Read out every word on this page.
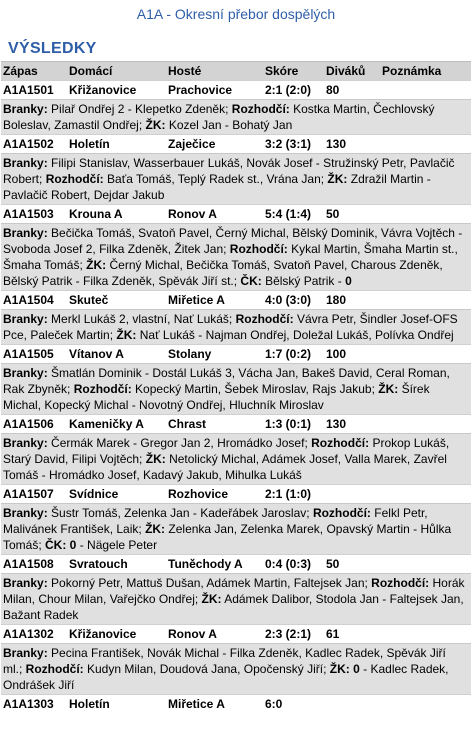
A1A - Okresní přebor dospělých
VÝSLEDKY
Zápas	Domácí	Hosté	Skóre	Diváků	Poznámka
A1A1501	Křižanovice	Prachovice	2:1 (2:0)	80
Branky: Pilař Ondřej 2 - Klepetko Zdeněk; Rozhodčí: Kostka Martin, Čechlovský Boleslav, Zamastil Ondřej; ŽK: Kozel Jan - Bohatý Jan
A1A1502	Holetín	Zaječice	3:2 (3:1)	130
Branky: Filipi Stanislav, Wasserbauer Lukáš, Novák Josef - Stružinský Petr, Pavlačič Robert; Rozhodčí: Baťa Tomáš, Teplý Radek st., Vrána Jan; ŽK: Zdražil Martin - Pavlačič Robert, Dejdar Jakub
A1A1503	Krouna A	Ronov A	5:4 (1:4)	50
Branky: Bečička Tomáš, Svatoň Pavel, Černý Michal, Bělský Dominik, Vávra Vojtěch - Svoboda Josef 2, Filka Zdeněk, Žitek Jan; Rozhodčí: Kykal Martin, Šmaha Martin st., Šmaha Tomáš; ŽK: Černý Michal, Bečička Tomáš, Svatoň Pavel, Charous Zdeněk, Bělský Patrik - Filka Zdeněk, Spěvák Jiří st.; ČK: Bělský Patrik - 0
A1A1504	Skuteč	Miřetice A	4:0 (3:0)	180
Branky: Merkl Lukáš 2, vlastní, Nať Lukáš; Rozhodčí: Vávra Petr, Šindler Josef-OFS Pce, Paleček Martin; ŽK: Nať Lukáš - Najman Ondřej, Doležal Lukáš, Polívka Ondřej
A1A1505	Vítanov A	Stolany	1:7 (0:2)	100
Branky: Šmatlán Dominik - Dostál Lukáš 3, Vácha Jan, Bakeš David, Ceral Roman, Rak Zbyněk; Rozhodčí: Kopecký Martin, Šebek Miroslav, Rajs Jakub; ŽK: Šírek Michal, Kopecký Michal - Novotný Ondřej, Hluchník Miroslav
A1A1506	Kameničky A	Chrast	1:3 (0:1)	130
Branky: Čermák Marek - Gregor Jan 2, Hromádko Josef; Rozhodčí: Prokop Lukáš, Starý David, Filipi Vojtěch; ŽK: Netolický Michal, Adámek Josef, Valla Marek, Zavřel Tomáš - Hromádko Josef, Kadavý Jakub, Mihulka Lukáš
A1A1507	Svídnice	Rozhovice	2:1 (1:0)
Branky: Šustr Tomáš, Zelenka Jan - Kadeřábek Jaroslav; Rozhodčí: Felkl Petr, Malivánek František, Laik; ŽK: Zelenka Jan, Zelenka Marek, Opavský Martin - Hůlka Tomáš; ČK: 0 - Nägele Peter
A1A1508	Svratouch	Tuněchody A	0:4 (0:3)	50
Branky: Pokorný Petr, Mattuš Dušan, Adámek Martin, Faltejsek Jan; Rozhodčí: Horák Milan, Chour Milan, Vařejčko Ondřej; ŽK: Adámek Dalibor, Stodola Jan - Faltejsek Jan, Bažant Radek
A1A1302	Křižanovice	Ronov A	2:3 (2:1)	61
Branky: Pecina František, Novák Michal - Filka Zdeněk, Kadlec Radek, Spěvák Jiří ml.; Rozhodčí: Kudyn Milan, Doudová Jana, Opočenský Jiří; ŽK: 0 - Kadlec Radek, Ondrášek Jiří
A1A1303	Holetín	Miřetice A	6:0
